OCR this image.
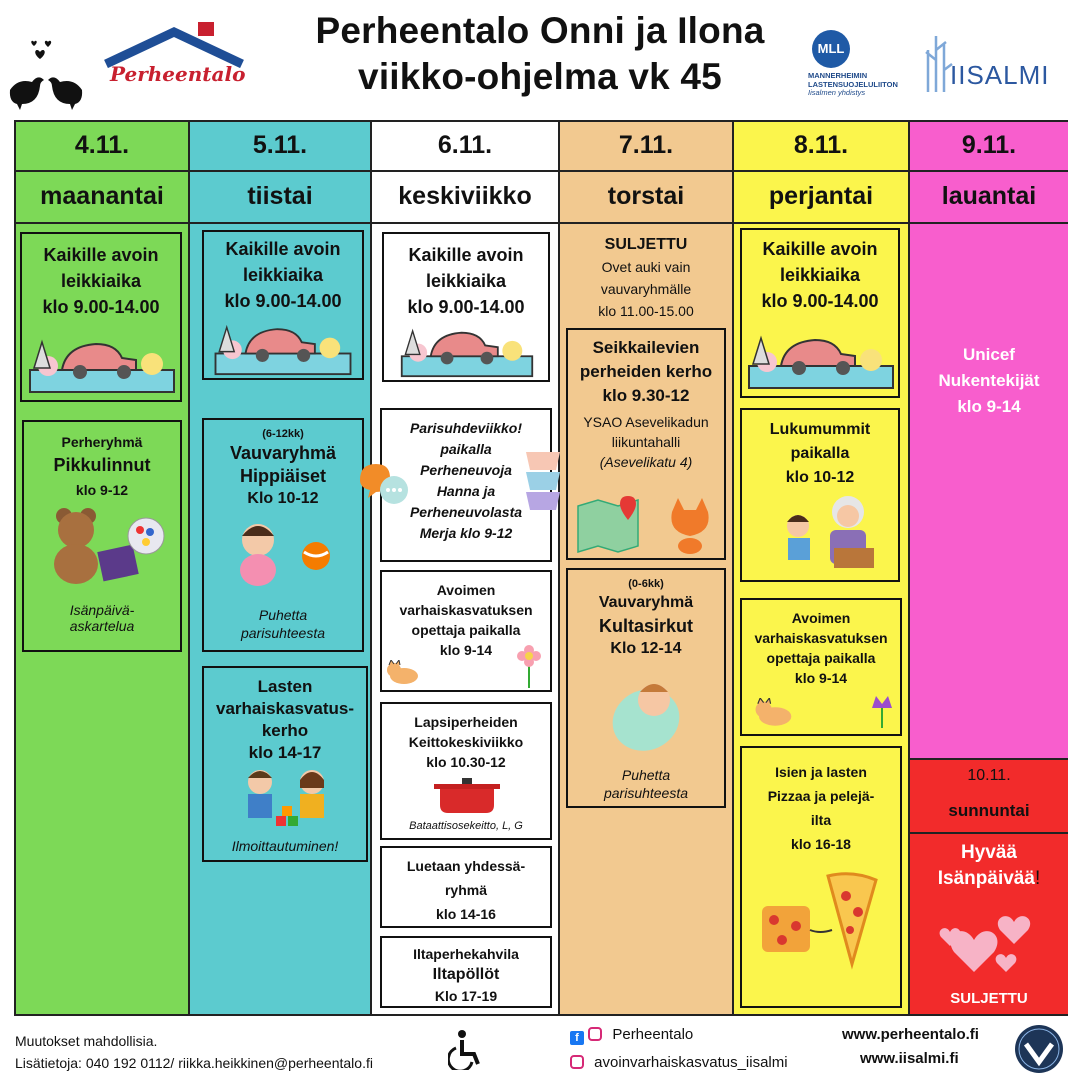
Perheentalo Onni ja Ilona
viikko-ohjelma vk 45
Perheentalo
MLL
MANNERHEIMIN
LASTENSUOJELULIITON
Iisalmen yhdistys
IISALMI
4.11.
maanantai
Kaikille avoin
leikkiaika
klo 9.00-14.00
Perheryhmä
Pikkulinnut
klo 9-12
Isänpäivä-
askartelua
5.11.
tiistai
Kaikille avoin
leikkiaika
klo 9.00-14.00
(6-12kk)
Vauvaryhmä
Hippiäiset
Klo 10-12
Puhetta
parisuhteesta
Lasten
varhaiskasvatus-
kerho
klo 14-17
Ilmoittautuminen!
6.11.
keskiviikko
Kaikille avoin
leikkiaika
klo 9.00-14.00
Parisuhdeviikko!
paikalla
Perheneuvoja
Hanna ja
Perheneuvolasta
Merja klo 9-12
Avoimen
varhaiskasvatuksen
opettaja paikalla
klo 9-14
Lapsiperheiden
Keittokeskiviikko
klo 10.30-12
Bataattisosekeitto, L, G
Luetaan yhdessä-
ryhmä
klo 14-16
Iltaperhekahvila
Iltapöllöt
Klo 17-19
7.11.
torstai
SULJETTU
Ovet auki vain
vauvaryhmälle
klo 11.00-15.00
Seikkailevien
perheiden kerho
klo 9.30-12
YSAO Asevelikadun
liikuntahalli
(Asevelikatu 4)
(0-6kk)
Vauvaryhmä
Kultasirkut
Klo 12-14
Puhetta
parisuhteesta
8.11.
perjantai
Kaikille avoin
leikkiaika
klo 9.00-14.00
Lukumummit
paikalla
klo 10-12
Avoimen
varhaiskasvatuksen
opettaja paikalla
klo 9-14
Isien ja lasten
Pizzaa ja pelejä-
ilta
klo 16-18
9.11.
lauantai
Unicef
Nukentekijät
klo 9-14
10.11.
sunnuntai
Hyvää
Isänpäivää!
SULJETTU
Muutokset mahdollisia.
Lisätietoja: 040 192 0112/ riikka.heikkinen@perheentalo.fi
f Perheentalo
avoinvarhaiskasvatus_iisalmi
www.perheentalo.fi
www.iisalmi.fi
